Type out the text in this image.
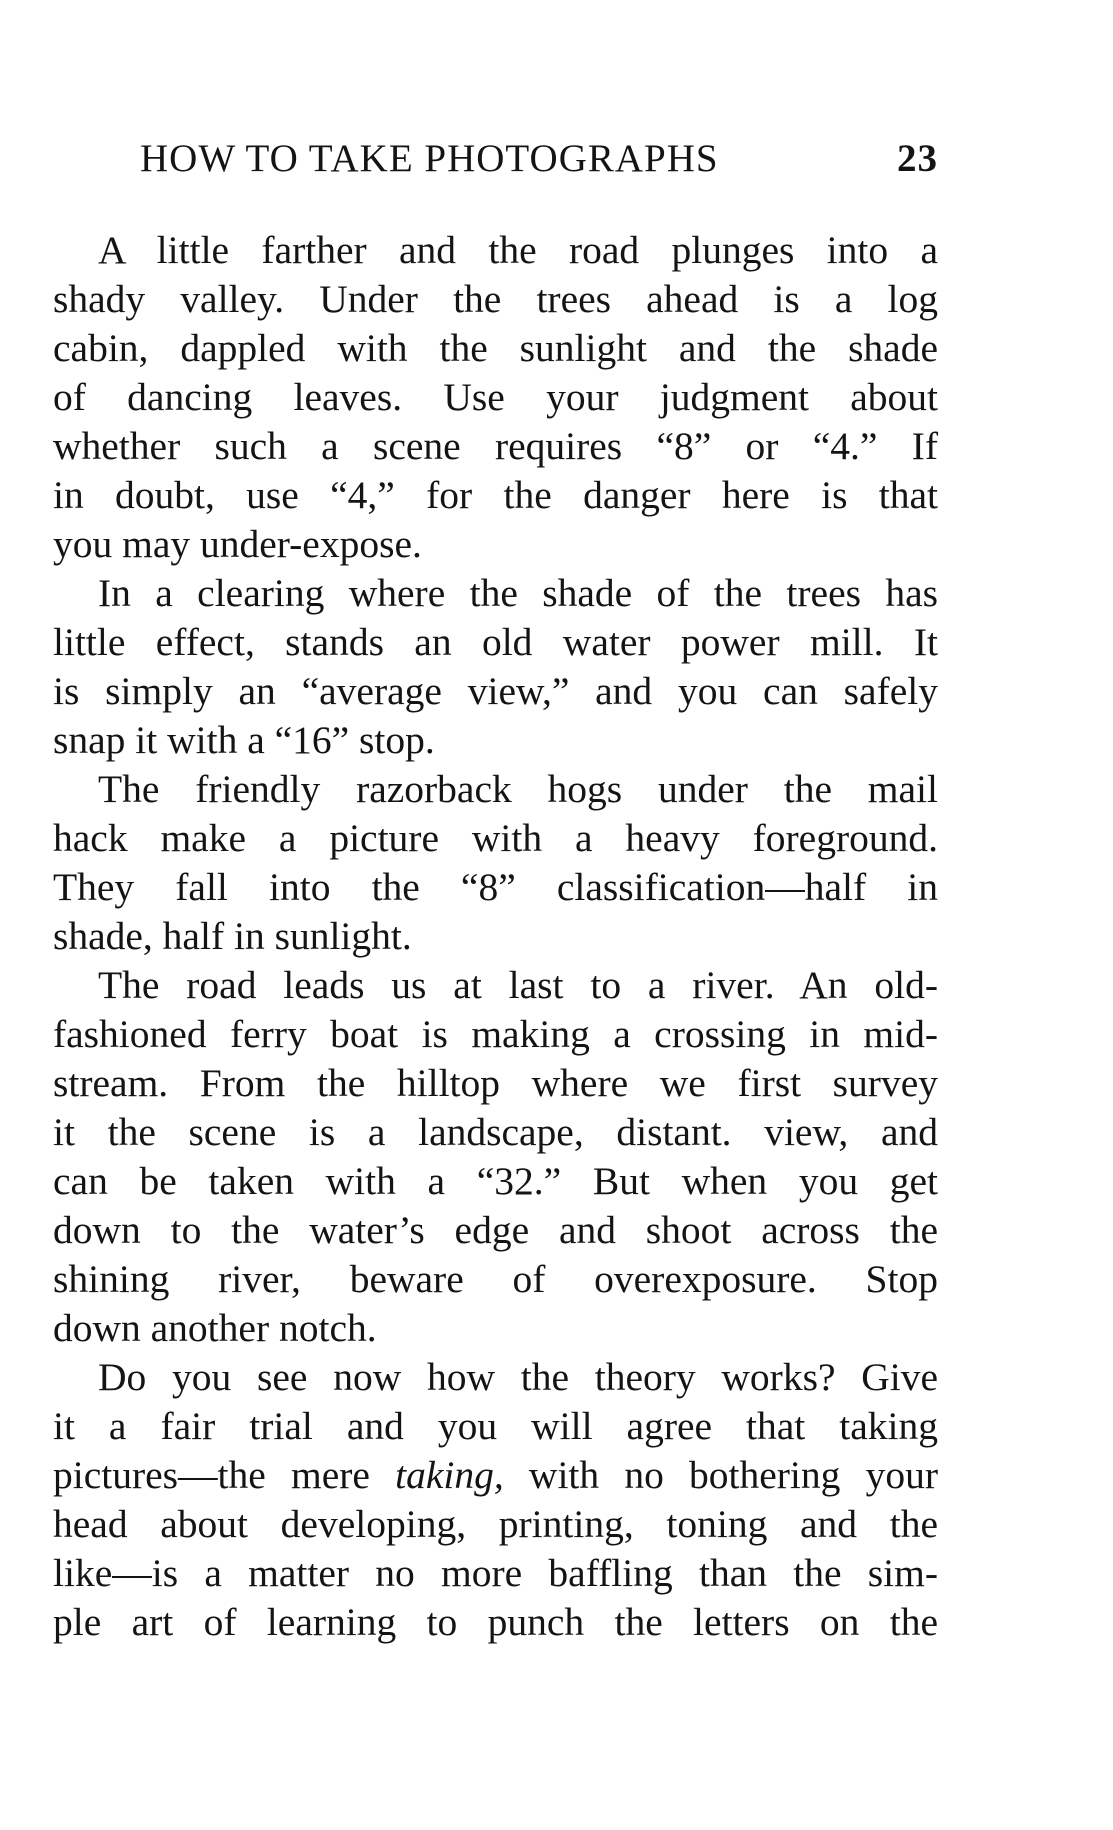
HOW TO TAKE PHOTOGRAPHS	23

A little farther and the road plunges into a
shady valley. Under the trees ahead is a log
cabin, dappled with the sunlight and the shade
of dancing leaves. Use your judgment about
whether such a scene requires “8” or “4.” If
in doubt, use “4,” for the danger here is that
you may under-expose.

In a clearing where the shade of the trees has
little effect, stands an old water power mill. It
is simply an “average view,” and you can safely
snap it with a “16” stop.

The friendly razorback hogs under the mail
hack make a picture with a heavy foreground.
They fall into the “8” classification—half in
shade, half in sunlight.

The road leads us at last to a river. An old-
fashioned ferry boat is making a crossing in mid-
stream. From the hilltop where we first survey
it the scene is a landscape, distant. view, and
can be taken with a “32.” But when you get
down to the water’s edge and shoot across the
shining river, beware of overexposure. Stop
down another notch.

Do you see now how the theory works? Give
it a fair trial and you will agree that taking
pictures—the mere taking, with no bothering your
head about developing, printing, toning and the
like—is a matter no more baffling than the sim-
ple art of learning to punch the letters on the
